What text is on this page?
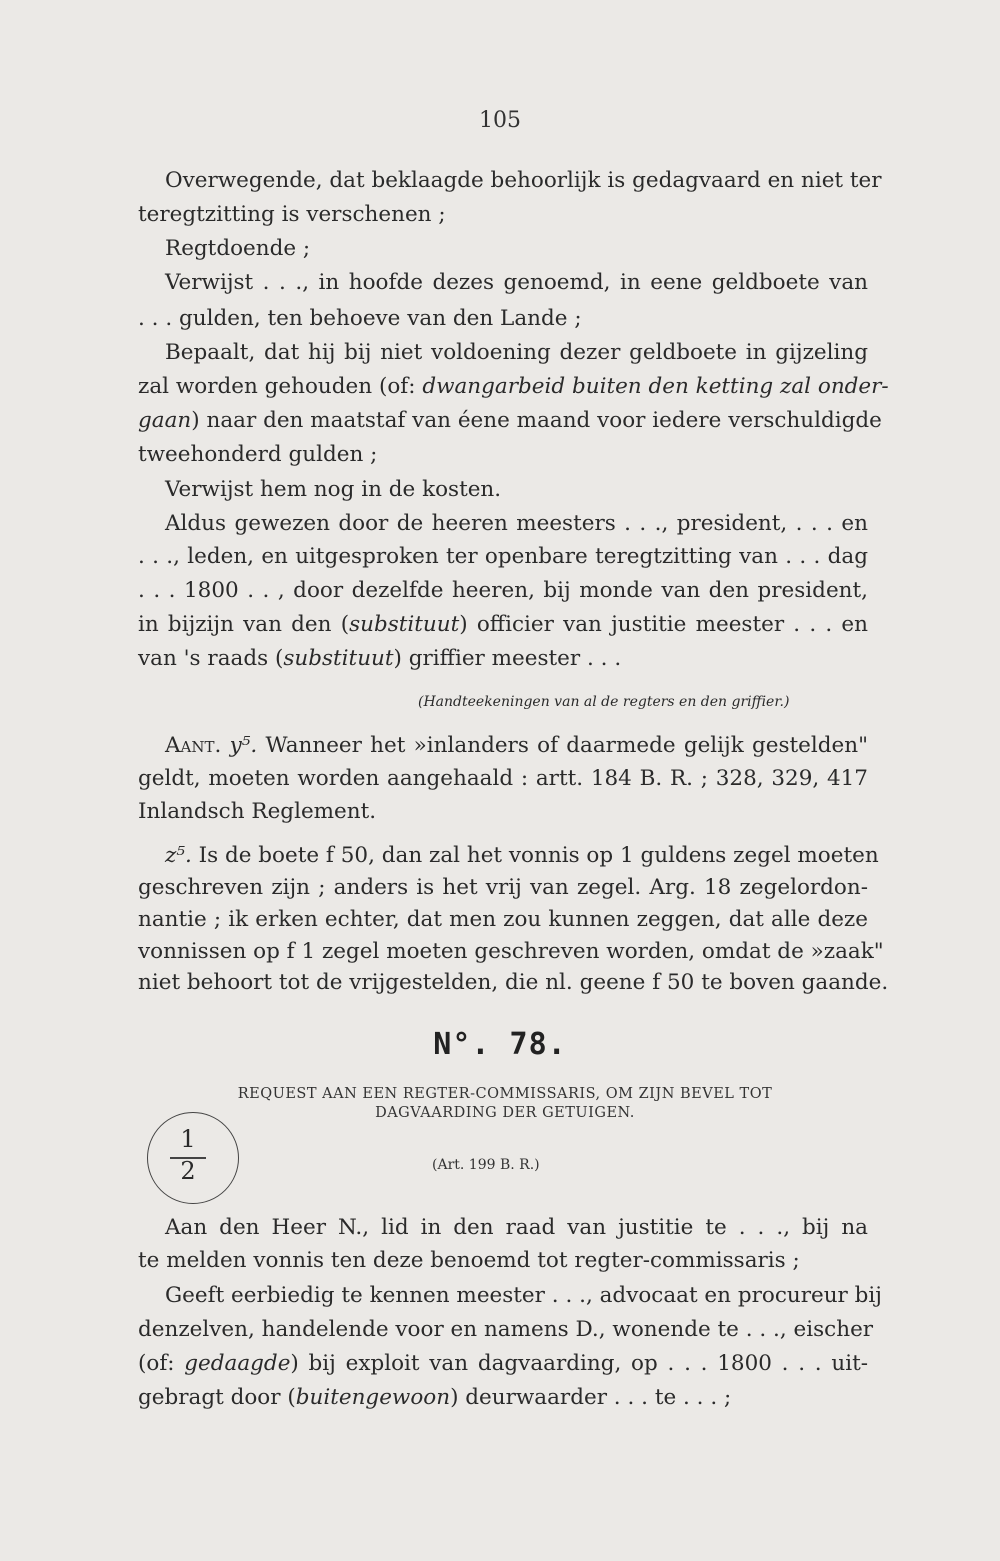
105
Overwegende, dat beklaagde behoorlijk is gedagvaard en niet ter
teregtzitting is verschenen ;
Regtdoende ;
Verwijst . . ., in hoofde dezes genoemd, in eene geldboete van
. . . gulden, ten behoeve van den Lande ;
Bepaalt, dat hij bij niet voldoening dezer geldboete in gijzeling
zal worden gehouden (of: dwangarbeid buiten den ketting zal onder-
gaan) naar den maatstaf van éene maand voor iedere verschuldigde
tweehonderd gulden ;
Verwijst hem nog in de kosten.
Aldus gewezen door de heeren meesters . . ., president, . . . en
. . ., leden, en uitgesproken ter openbare teregtzitting van . . . dag
. . . 1800 . . , door dezelfde heeren, bij monde van den president,
in bijzijn van den (substituut) officier van justitie meester . . . en
van 's raads (substituut) griffier meester . . .
(Handteekeningen van al de regters en den griffier.)
Aant. y⁵. Wanneer het »inlanders of daarmede gelijk gestelden"
geldt, moeten worden aangehaald : artt. 184 B. R. ; 328, 329, 417
Inlandsch Reglement.
z⁵. Is de boete f 50, dan zal het vonnis op 1 guldens zegel moeten
geschreven zijn ; anders is het vrij van zegel. Arg. 18 zegelordon-
nantie ; ik erken echter, dat men zou kunnen zeggen, dat alle deze
vonnissen op f 1 zegel moeten geschreven worden, omdat de »zaak"
niet behoort tot de vrijgestelden, die nl. geene f 50 te boven gaande.
N°. 78.
REQUEST AAN EEN REGTER-COMMISSARIS, OM ZIJN BEVEL TOT
DAGVAARDING DER GETUIGEN.
(Art. 199 B. R.)
1
2
Aan den Heer N., lid in den raad van justitie te . . ., bij na
te melden vonnis ten deze benoemd tot regter-commissaris ;
Geeft eerbiedig te kennen meester . . ., advocaat en procureur bij
denzelven, handelende voor en namens D., wonende te . . ., eischer
(of: gedaagde) bij exploit van dagvaarding, op . . . 1800 . . . uit-
gebragt door (buitengewoon) deurwaarder . . . te . . . ;
